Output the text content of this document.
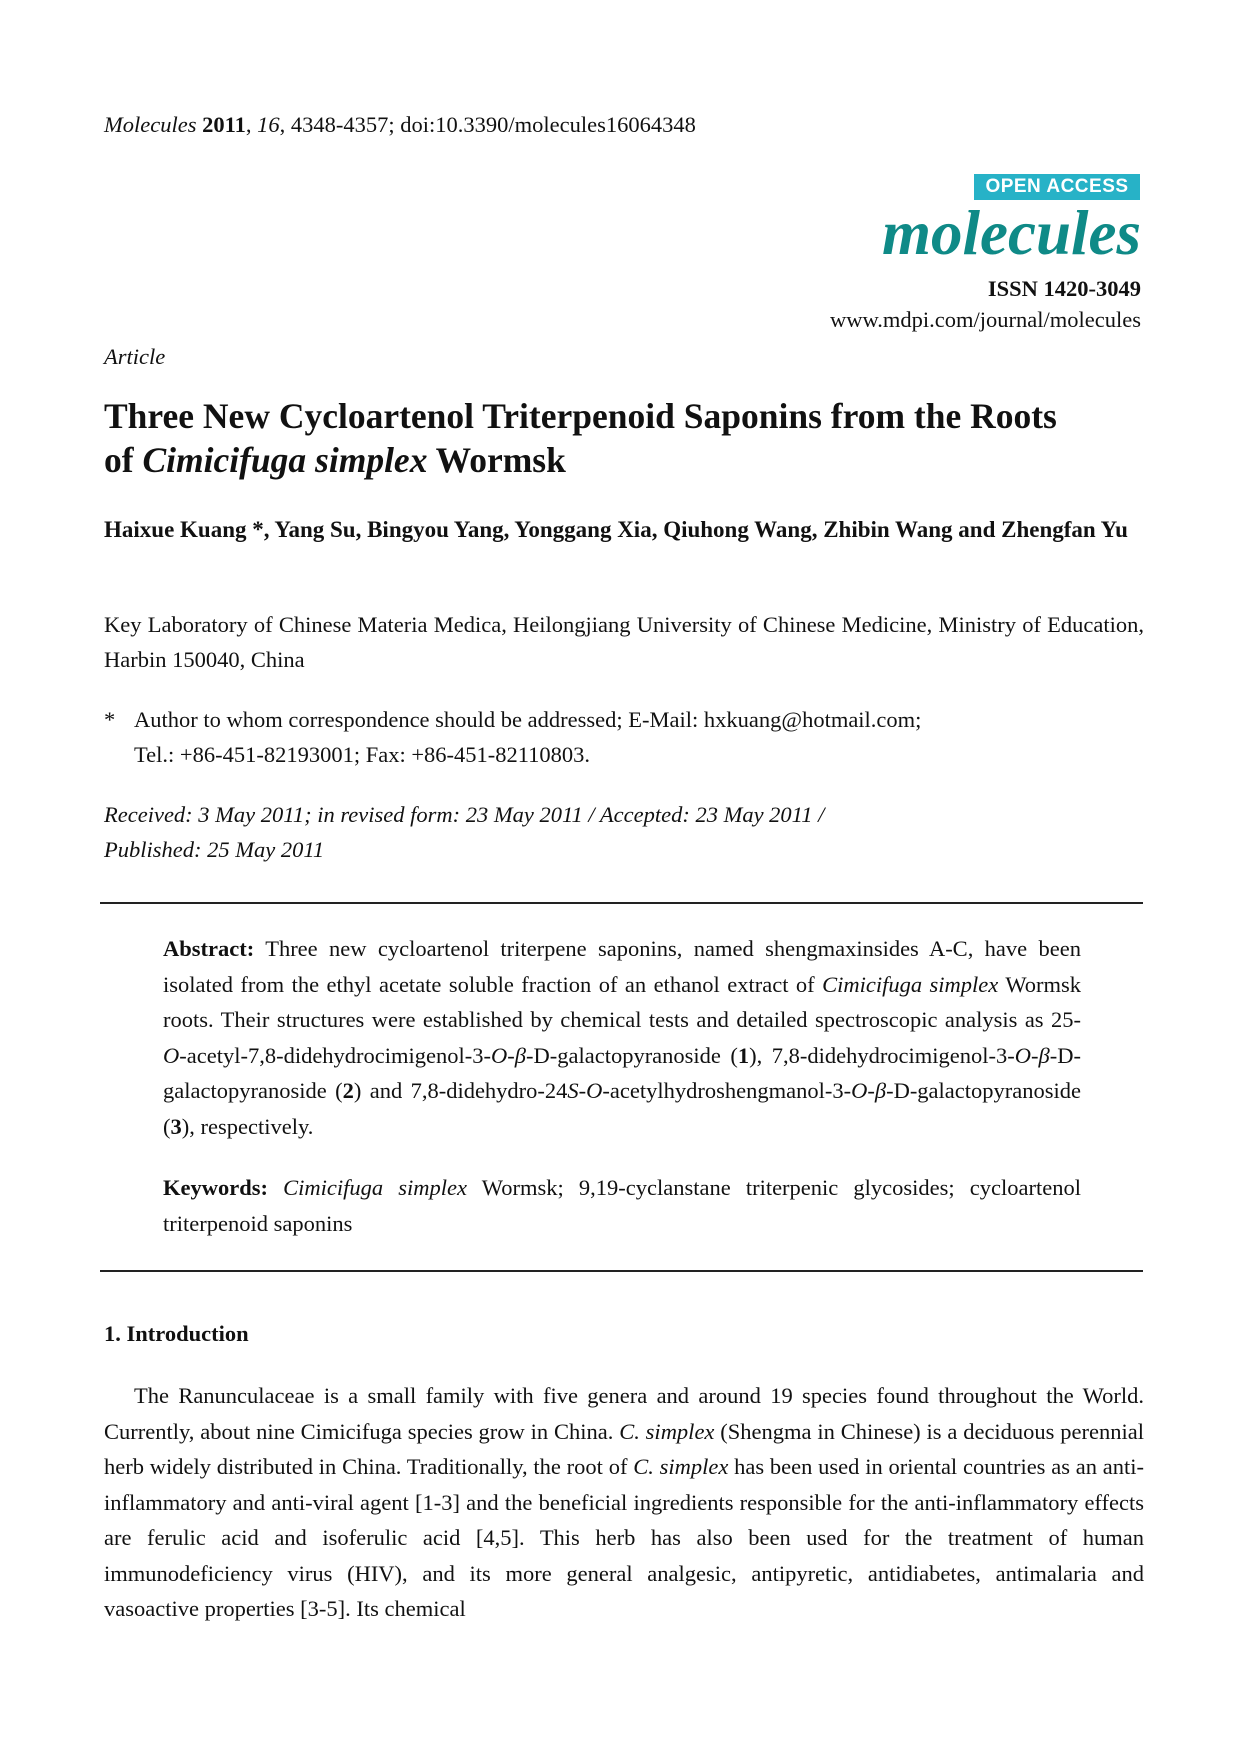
Molecules 2011, 16, 4348-4357; doi:10.3390/molecules16064348
OPEN ACCESS
molecules
ISSN 1420-3049
www.mdpi.com/journal/molecules
Article
Three New Cycloartenol Triterpenoid Saponins from the Roots
of Cimicifuga simplex Wormsk
Haixue Kuang *, Yang Su, Bingyou Yang, Yonggang Xia, Qiuhong Wang, Zhibin Wang and Zhengfan Yu
Key Laboratory of Chinese Materia Medica, Heilongjiang University of Chinese Medicine, Ministry of Education, Harbin 150040, China
* Author to whom correspondence should be addressed; E-Mail: hxkuang@hotmail.com;
Tel.: +86-451-82193001; Fax: +86-451-82110803.
Received: 3 May 2011; in revised form: 23 May 2011 / Accepted: 23 May 2011 /
Published: 25 May 2011
Abstract: Three new cycloartenol triterpene saponins, named shengmaxinsides A-C, have been isolated from the ethyl acetate soluble fraction of an ethanol extract of Cimicifuga simplex Wormsk roots. Their structures were established by chemical tests and detailed spectroscopic analysis as 25-O-acetyl-7,8-didehydrocimigenol-3-O-β-D-galactopyranoside (1), 7,8-didehydrocimigenol-3-O-β-D-galactopyranoside (2) and 7,8-didehydro-24S-O-acetylhydroshengmanol-3-O-β-D-galactopyranoside (3), respectively.
Keywords: Cimicifuga simplex Wormsk; 9,19-cyclanstane triterpenic glycosides; cycloartenol triterpenoid saponins
1. Introduction
The Ranunculaceae is a small family with five genera and around 19 species found throughout the World. Currently, about nine Cimicifuga species grow in China. C. simplex (Shengma in Chinese) is a deciduous perennial herb widely distributed in China. Traditionally, the root of C. simplex has been used in oriental countries as an anti-inflammatory and anti-viral agent [1-3] and the beneficial ingredients responsible for the anti-inflammatory effects are ferulic acid and isoferulic acid [4,5]. This herb has also been used for the treatment of human immunodeficiency virus (HIV), and its more general analgesic, antipyretic, antidiabetes, antimalaria and vasoactive properties [3-5]. Its chemical
